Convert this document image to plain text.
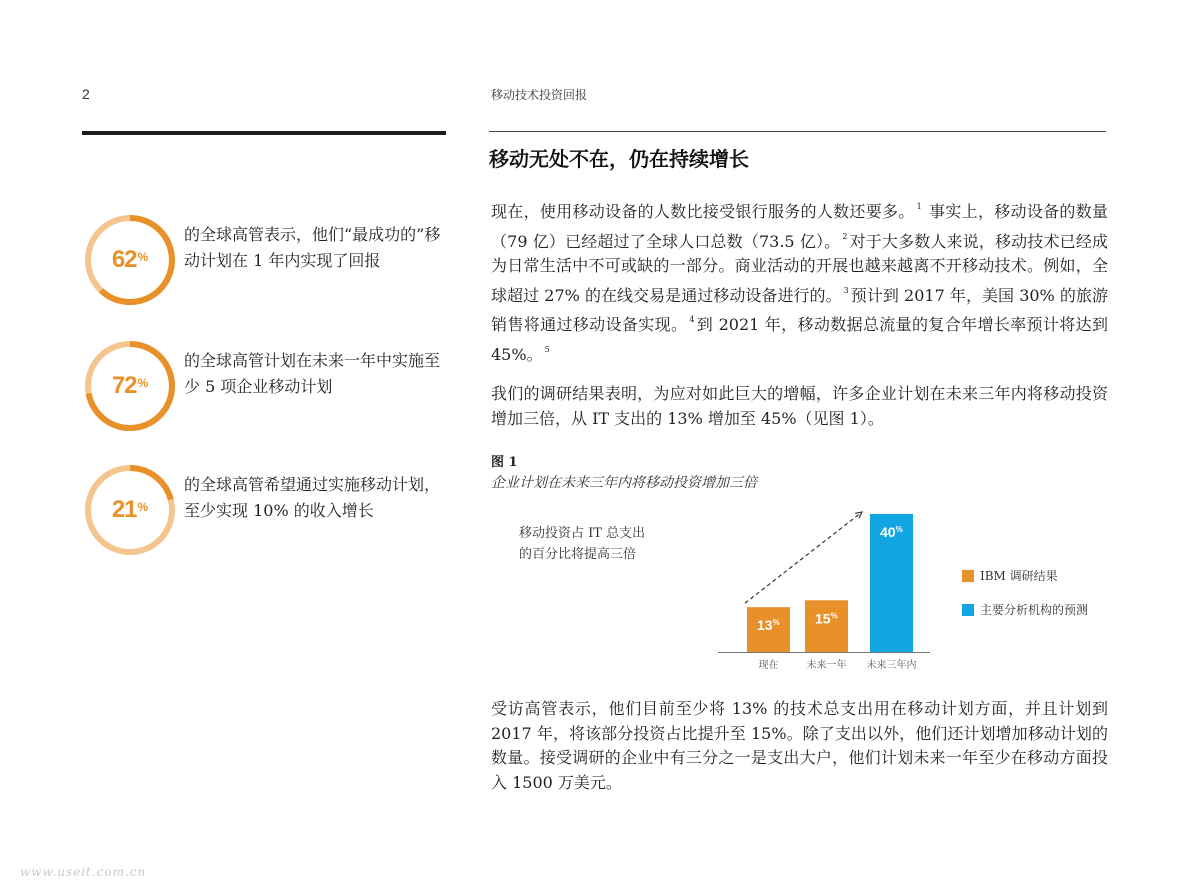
2	移动技术投资回报
移动无处不在，仍在持续增长
62 %
的全球高管表示，他们“最成功的”移动计划在 1 年内实现了回报
72 %
的全球高管计划在未来一年中实施至少 5 项企业移动计划
21 %
的全球高管希望通过实施移动计划，至少实现 10% 的收入增长
现在，使用移动设备的人数比接受银行服务的人数还要多。 $^1$ 事实上，移动设备的数量（79 亿）已经超过了全球人口总数（73.5 亿）。 $^2$ 对于大多数人来说，移动技术已经成为日常生活中不可或缺的一部分。商业活动的开展也越来越离不开移动技术。例如，全球超过 27% 的在线交易是通过移动设备进行的。 $^3$ 预计到 2017 年，美国 30% 的旅游销售将通过移动设备实现。 $^4$ 到 2021 年，移动数据总流量的复合年增长率预计将达到 45%。 $^5$
我们的调研结果表明，为应对如此巨大的增幅，许多企业计划在未来三年内将移动投资增加三倍，从 IT 支出的 13% 增加至 45%（见图 1）。
图 1
企业计划在未来三年内将移动投资增加三倍
移动投资占 IT 总支出
的百分比将提高三倍
13%
现在
15%
未来一年
40%
未来三年内
IBM 调研结果
主要分析机构的预测
受访高管表示，他们目前至少将 13% 的技术总支出用在移动计划方面，并且计划到 2017 年，将该部分投资占比提升至 15%。除了支出以外，他们还计划增加移动计划的数量。接受调研的企业中有三分之一是支出大户，他们计划未来一年至少在移动方面投入 1500 万美元。
www.useit.com.cn
